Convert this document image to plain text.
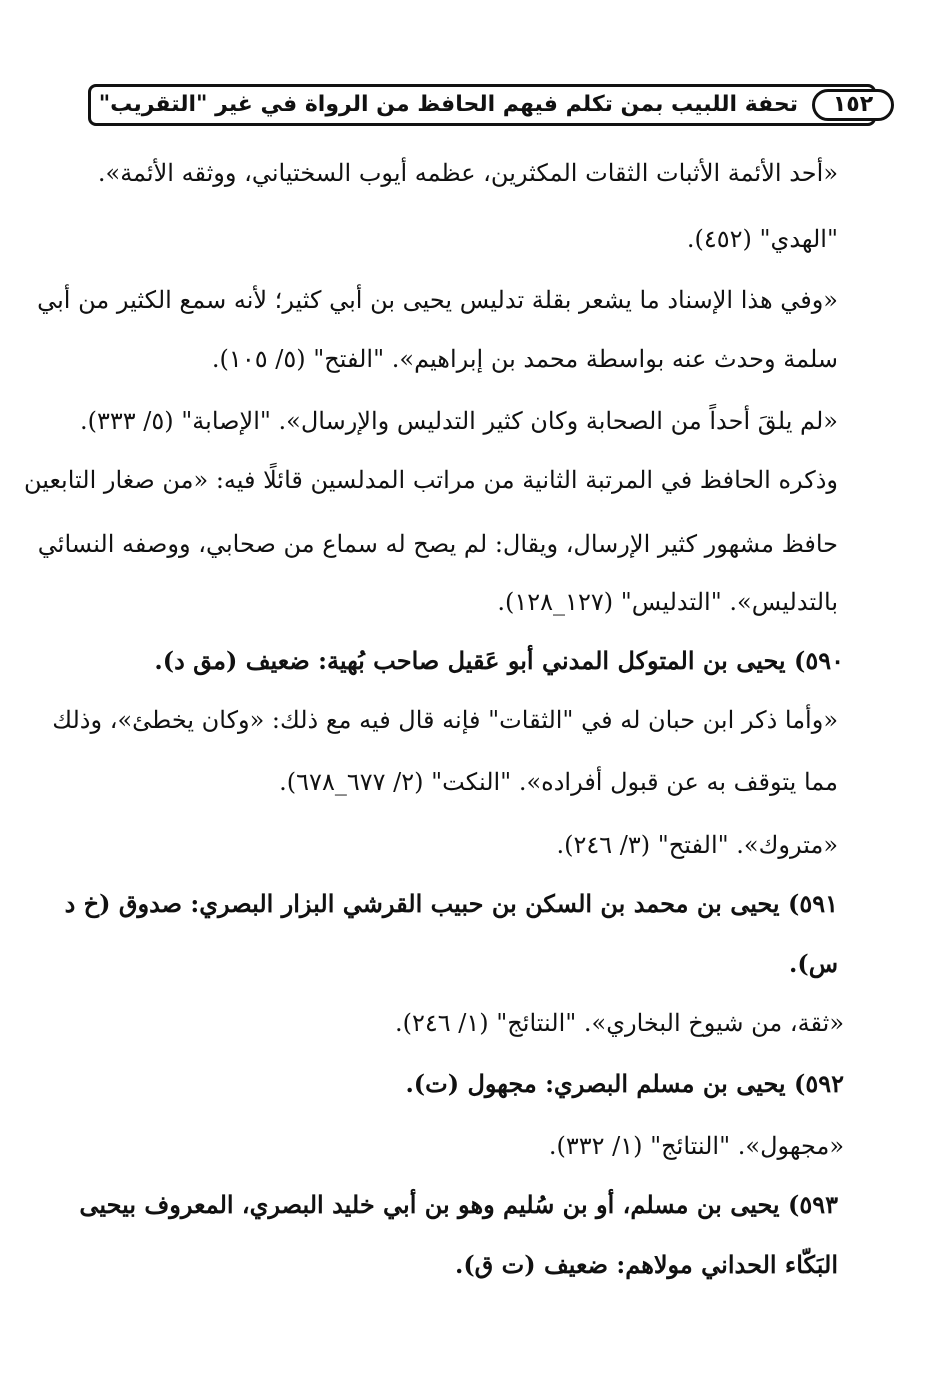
١٥٢
تحفة اللبيب بمن تكلم فيهم الحافظ من الرواة في غير "التقريب"
«أحد الأئمة الأثبات الثقات المكثرين، عظمه أيوب السختياني، ووثقه الأئمة».
"الهدي" (٤٥٢).
«وفي هذا الإسناد ما يشعر بقلة تدليس يحيى بن أبي كثير؛ لأنه سمع الكثير من أبي
سلمة وحدث عنه بواسطة محمد بن إبراهيم». "الفتح" (٥/ ١٠٥).
«لم يلقَ أحداً من الصحابة وكان كثير التدليس والإرسال». "الإصابة" (٥/ ٣٣٣).
وذكره الحافظ في المرتبة الثانية من مراتب المدلسين قائلًا فيه: «من صغار التابعين
حافظ مشهور كثير الإرسال، ويقال: لم يصح له سماع من صحابي، ووصفه النسائي
بالتدليس». "التدليس" (١٢٧_١٢٨).
٥٩٠) يحيى بن المتوكل المدني أبو عَقيل صاحب بُهية: ضعيف (مق د).
«وأما ذكر ابن حبان له في "الثقات" فإنه قال فيه مع ذلك: «وكان يخطئ»، وذلك
مما يتوقف به عن قبول أفراده». "النكت" (٢/ ٦٧٧_٦٧٨).
«متروك». "الفتح" (٣/ ٢٤٦).
٥٩١) يحيى بن محمد بن السكن بن حبيب القرشي البزار البصري: صدوق (خ د
س).
«ثقة، من شيوخ البخاري». "النتائج" (١/ ٢٤٦).
٥٩٢) يحيى بن مسلم البصري: مجهول (ت).
«مجهول». "النتائج" (١/ ٣٣٢).
٥٩٣) يحيى بن مسلم، أو بن سُليم وهو بن أبي خليد البصري، المعروف بيحيى
البَكّاء الحداني مولاهم: ضعيف (ت ق).
